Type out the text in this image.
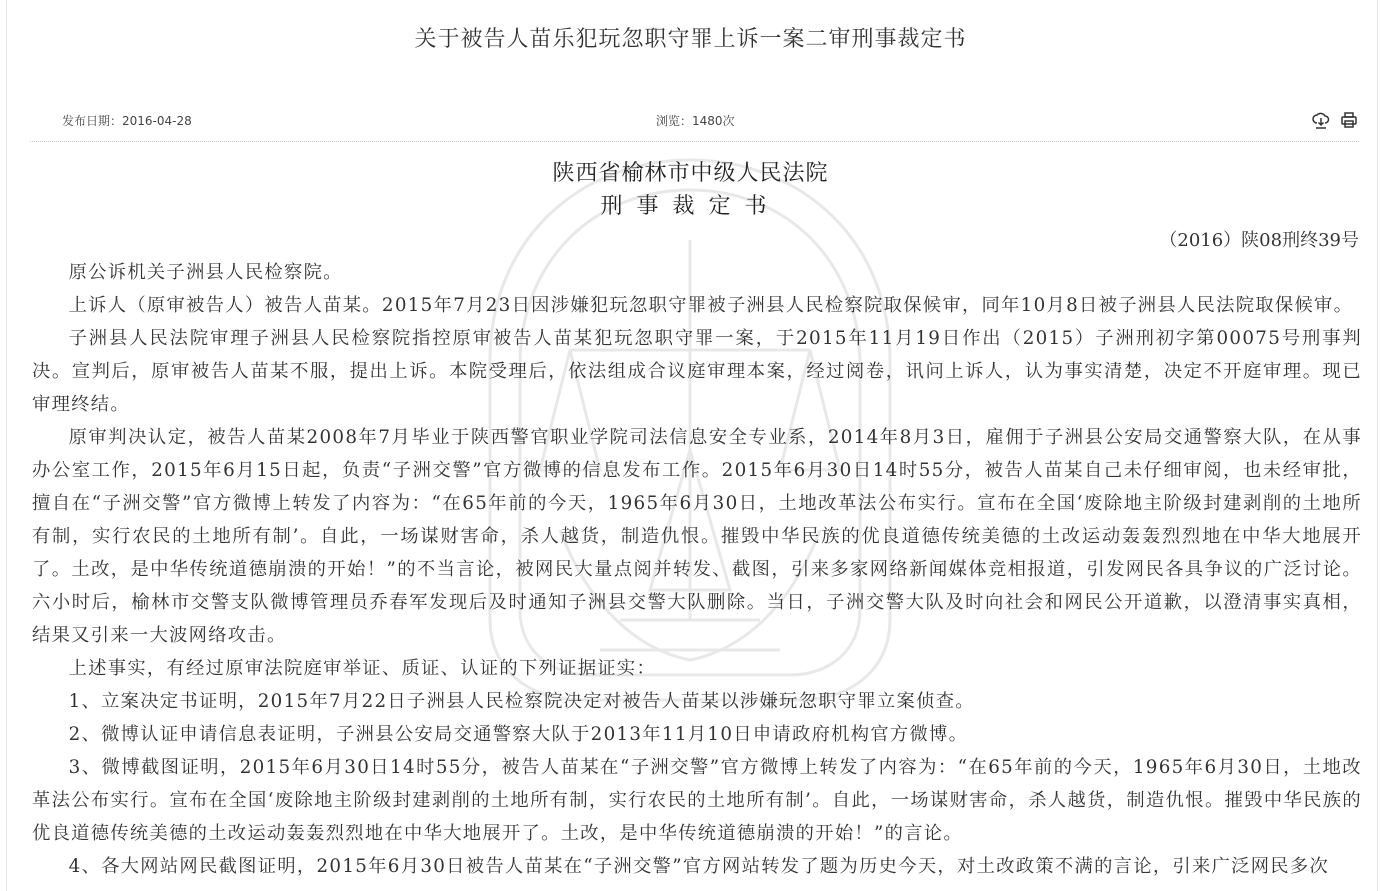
关于被告人苗乐犯玩忽职守罪上诉一案二审刑事裁定书
发布日期：2016-04-28	浏览：1480次
陕西省榆林市中级人民法院
刑事裁定书
（2016）陕08刑终39号

原公诉机关子洲县人民检察院。

上诉人（原审被告人）被告人苗某。2015年7月23日因涉嫌犯玩忽职守罪被子洲县人民检察院取保候审，同年10月8日被子洲县人民法院取保候审。

子洲县人民法院审理子洲县人民检察院指控原审被告人苗某犯玩忽职守罪一案，于2015年11月19日作出（2015）子洲刑初字第00075号刑事判决。宣判后，原审被告人苗某不服，提出上诉。本院受理后，依法组成合议庭审理本案，经过阅卷，讯问上诉人，认为事实清楚，决定不开庭审理。现已审理终结。

原审判决认定，被告人苗某2008年7月毕业于陕西警官职业学院司法信息安全专业系，2014年8月3日，雇佣于子洲县公安局交通警察大队，在从事办公室工作，2015年6月15日起，负责“子洲交警”官方微博的信息发布工作。2015年6月30日14时55分，被告人苗某自己未仔细审阅，也未经审批，擅自在“子洲交警”官方微博上转发了内容为：“在65年前的今天，1965年6月30日，土地改革法公布实行。宣布在全国‘废除地主阶级封建剥削的土地所有制，实行农民的土地所有制’。自此，一场谋财害命，杀人越货，制造仇恨。摧毁中华民族的优良道德传统美德的土改运动轰轰烈烈地在中华大地展开了。土改，是中华传统道德崩溃的开始！”的不当言论，被网民大量点阅并转发、截图，引来多家网络新闻媒体竞相报道，引发网民各具争议的广泛讨论。六小时后，榆林市交警支队微博管理员乔春军发现后及时通知子洲县交警大队删除。当日，子洲交警大队及时向社会和网民公开道歉，以澄清事实真相，结果又引来一大波网络攻击。

上述事实，有经过原审法院庭审举证、质证、认证的下列证据证实：

1、立案决定书证明，2015年7月22日子洲县人民检察院决定对被告人苗某以涉嫌玩忽职守罪立案侦查。

2、微博认证申请信息表证明，子洲县公安局交通警察大队于2013年11月10日申请政府机构官方微博。

3、微博截图证明，2015年6月30日14时55分，被告人苗某在“子洲交警”官方微博上转发了内容为：“在65年前的今天，1965年6月30日，土地改革法公布实行。宣布在全国‘废除地主阶级封建剥削的土地所有制，实行农民的土地所有制’。自此，一场谋财害命，杀人越货，制造仇恨。摧毁中华民族的优良道德传统美德的土改运动轰轰烈烈地在中华大地展开了。土改，是中华传统道德崩溃的开始！”的言论。

4、各大网站网民截图证明，2015年6月30日被告人苗某在“子洲交警”官方网站转发了题为历史今天，对土改政策不满的言论，引来广泛网民多次
